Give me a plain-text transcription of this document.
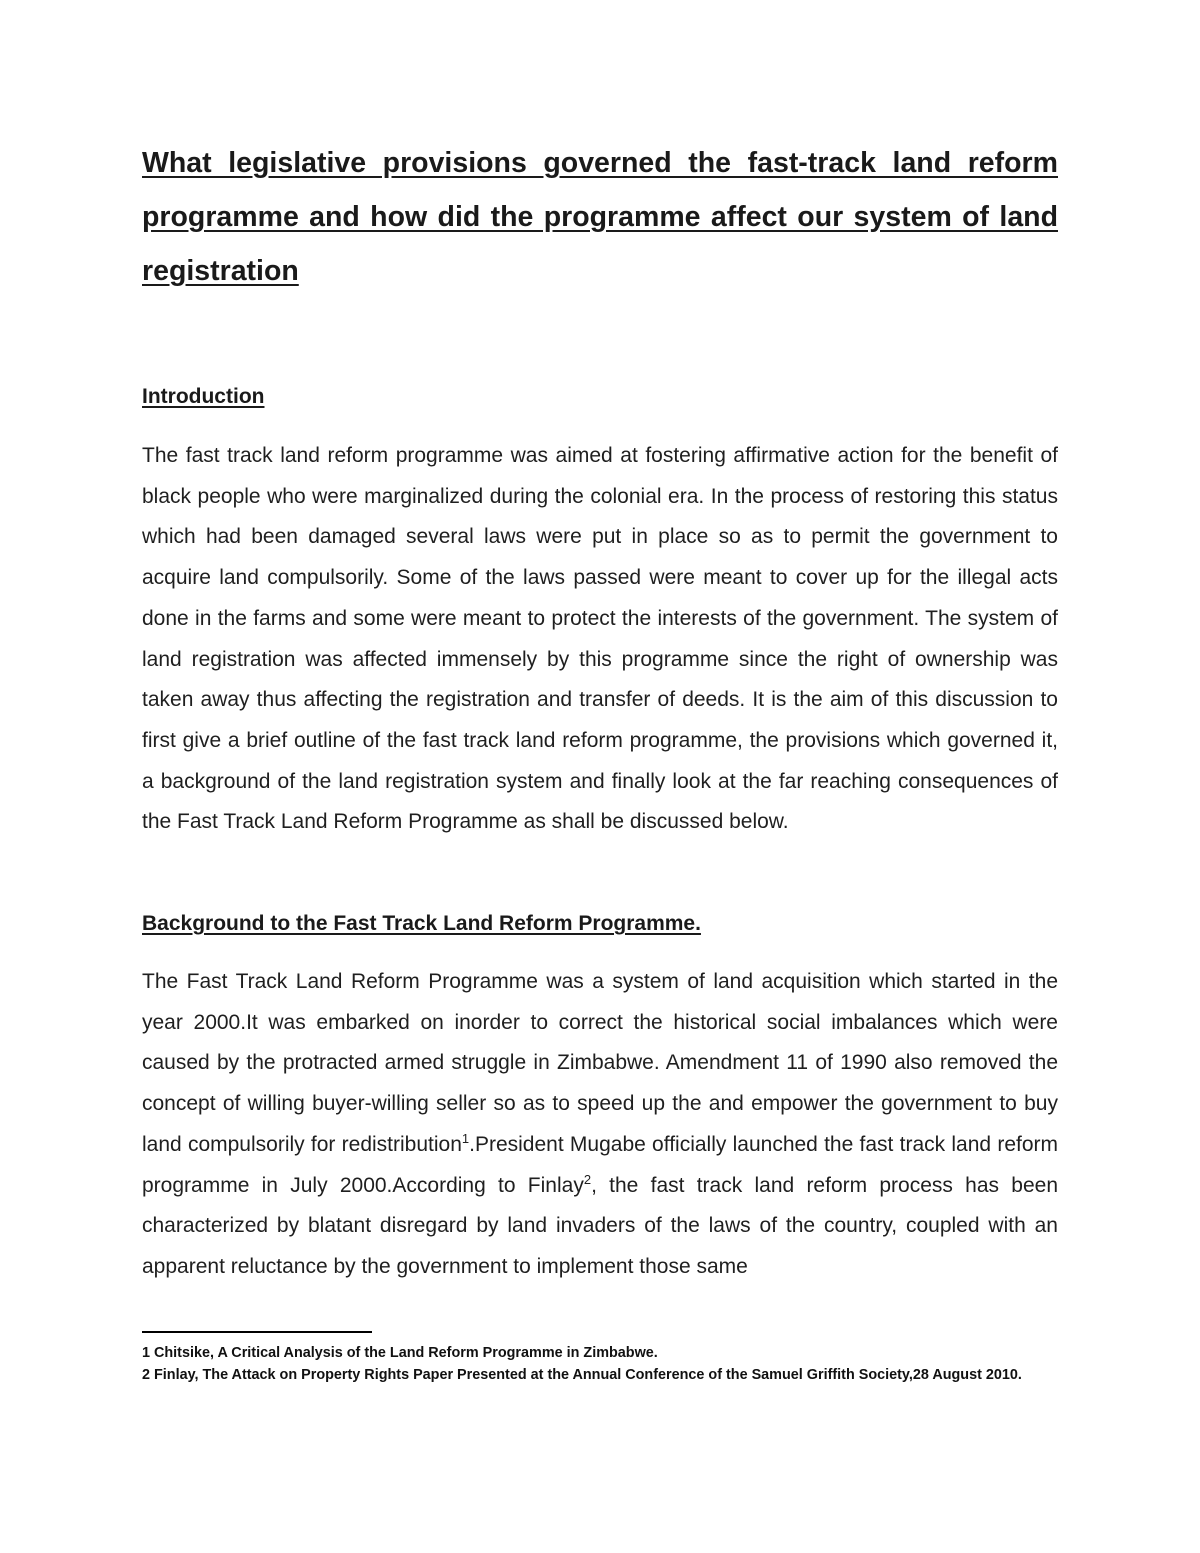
What legislative provisions governed the fast-track land reform programme and how did the programme affect our system of land registration
Introduction

The fast track land reform programme was aimed at fostering affirmative action for the benefit of black people who were marginalized during the colonial era. In the process of restoring this status which had been damaged several laws were put in place so as to permit the government to acquire land compulsorily. Some of the laws passed were meant to cover up for the illegal acts done in the farms and some were meant to protect the interests of the government. The system of land registration was affected immensely by this programme since the right of ownership was taken away thus affecting the registration and transfer of deeds. It is the aim of this discussion to first give a brief outline of the fast track land reform programme, the provisions which governed it, a background of the land registration system and finally look at the far reaching consequences of the Fast Track Land Reform Programme as shall be discussed below.

Background to the Fast Track Land Reform Programme.

The Fast Track Land Reform Programme was a system of land acquisition which started in the year 2000.It was embarked on inorder to correct the historical social imbalances which were caused by the protracted armed struggle in Zimbabwe. Amendment 11 of 1990 also removed the concept of willing buyer-willing seller so as to speed up the and empower the government to buy land compulsorily for redistribution$^1$.President Mugabe officially launched the fast track land reform programme in July 2000.According to Finlay$^2$, the fast track land reform process has been characterized by blatant disregard by land invaders of the laws of the country, coupled with an apparent reluctance by the government to implement those same

1 Chitsike, A Critical Analysis of the Land Reform Programme in Zimbabwe.

2 Finlay, The Attack on Property Rights Paper Presented at the Annual Conference of the Samuel Griffith Society,28 August 2010.
